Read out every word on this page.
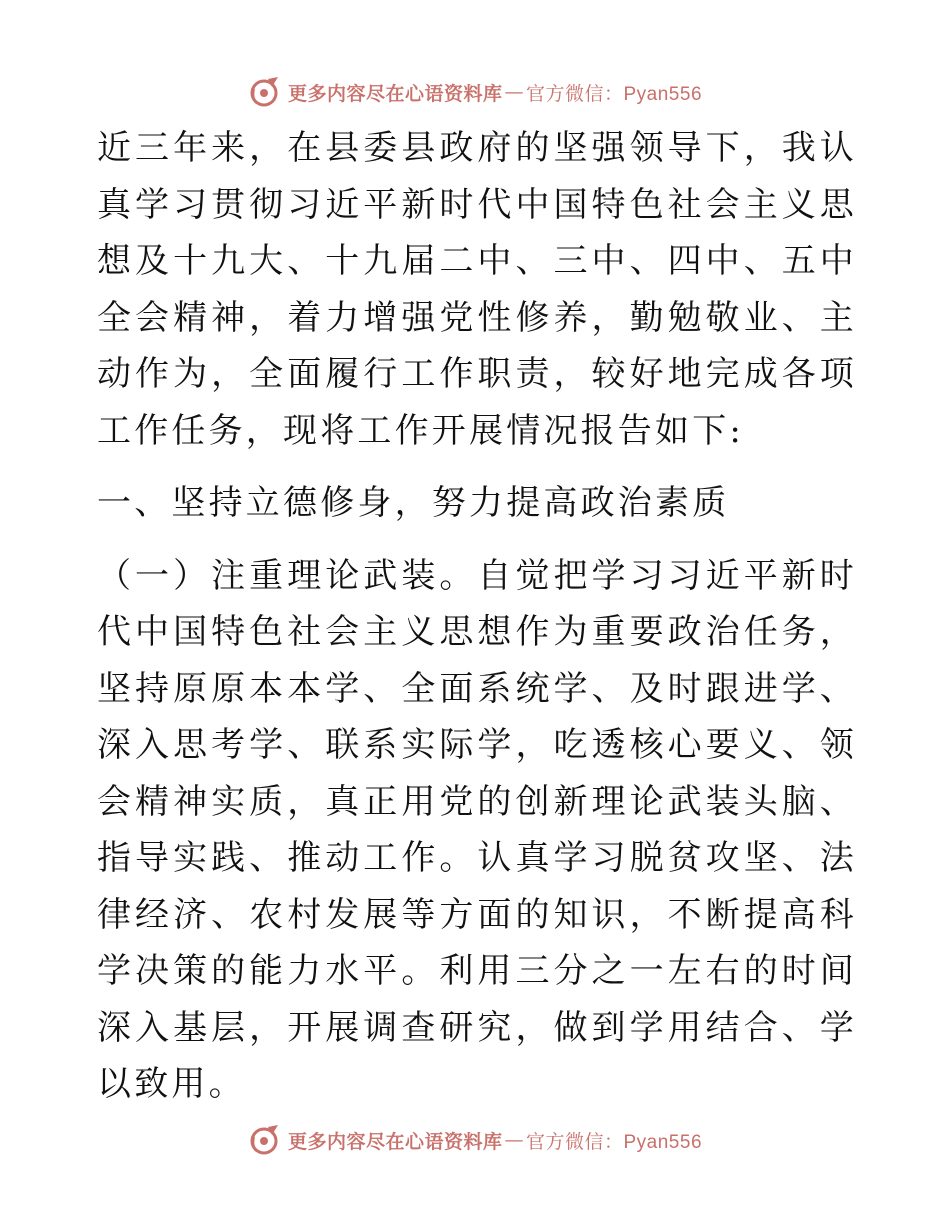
更多内容尽在心语资料库 — 官方微信：Pyan556

近三年来，在县委县政府的坚强领导下，我认真学习贯彻习近平新时代中国特色社会主义思想及十九大、十九届二中、三中、四中、五中全会精神，着力增强党性修养，勤勉敬业、主动作为，全面履行工作职责，较好地完成各项工作任务，现将工作开展情况报告如下:

一、坚持立德修身，努力提高政治素质

（一）注重理论武装。自觉把学习习近平新时代中国特色社会主义思想作为重要政治任务，坚持原原本本学、全面系统学、及时跟进学、深入思考学、联系实际学，吃透核心要义、领会精神实质，真正用党的创新理论武装头脑、指导实践、推动工作。认真学习脱贫攻坚、法律经济、农村发展等方面的知识，不断提高科学决策的能力水平。利用三分之一左右的时间深入基层，开展调查研究，做到学用结合、学以致用。

更多内容尽在心语资料库 — 官方微信：Pyan556
